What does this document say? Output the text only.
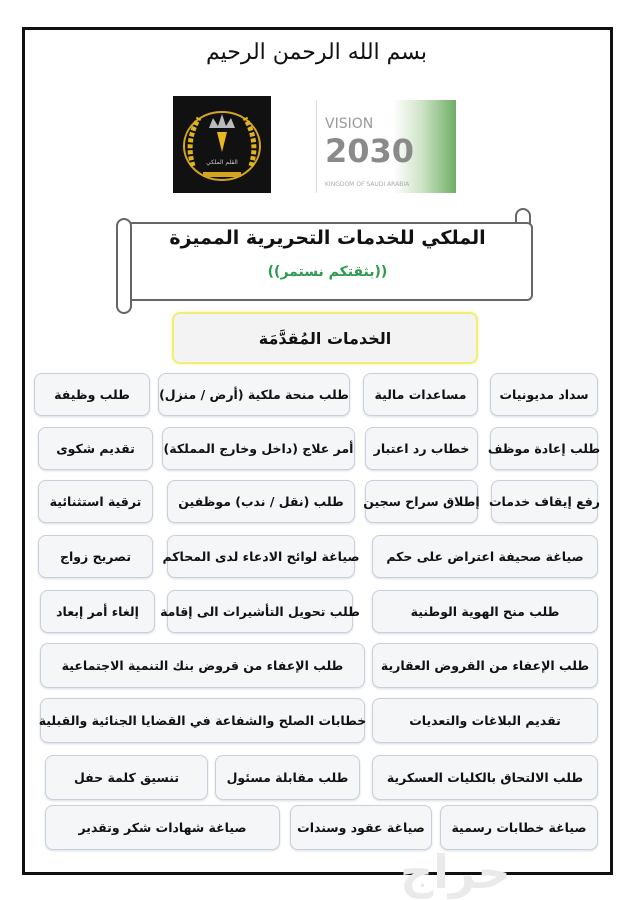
بسم الله الرحمن الرحيم
القلم الملكي
VISION
2030
KINGDOM OF SAUDI ARABIA
الملكي للخدمات التحريرية المميزة
((بثقتكم نستمر))
الخدمات المُقدَّمَة
سداد مديونيات
مساعدات مالية
طلب منحة ملكية (أرض / منزل)
طلب وظيفة
طلب إعادة موظف
خطاب رد اعتبار
أمر علاج (داخل وخارج المملكة)
تقديم شكوى
رفع إيقاف خدمات
إطلاق سراح سجين
طلب (نقل / ندب) موظفين
ترقية استثنائية
صياغة صحيفة اعتراض على حكم
صياغة لوائح الادعاء لدى المحاكم
تصريح زواج
طلب منح الهوية الوطنية
طلب تحويل التأشيرات الى إقامة
إلغاء أمر إبعاد
طلب الإعفاء من القروض العقارية
طلب الإعفاء من قروض بنك التنمية الاجتماعية
تقديم البلاغات والتعديات
خطابات الصلح والشفاعة في القضايا الجنائية والقبلية
طلب الالتحاق بالكليات العسكرية
طلب مقابلة مسئول
تنسيق كلمة حفل
صياغة خطابات رسمية
صياغة عقود وسندات
صياغة شهادات شكر وتقدير
حراج
